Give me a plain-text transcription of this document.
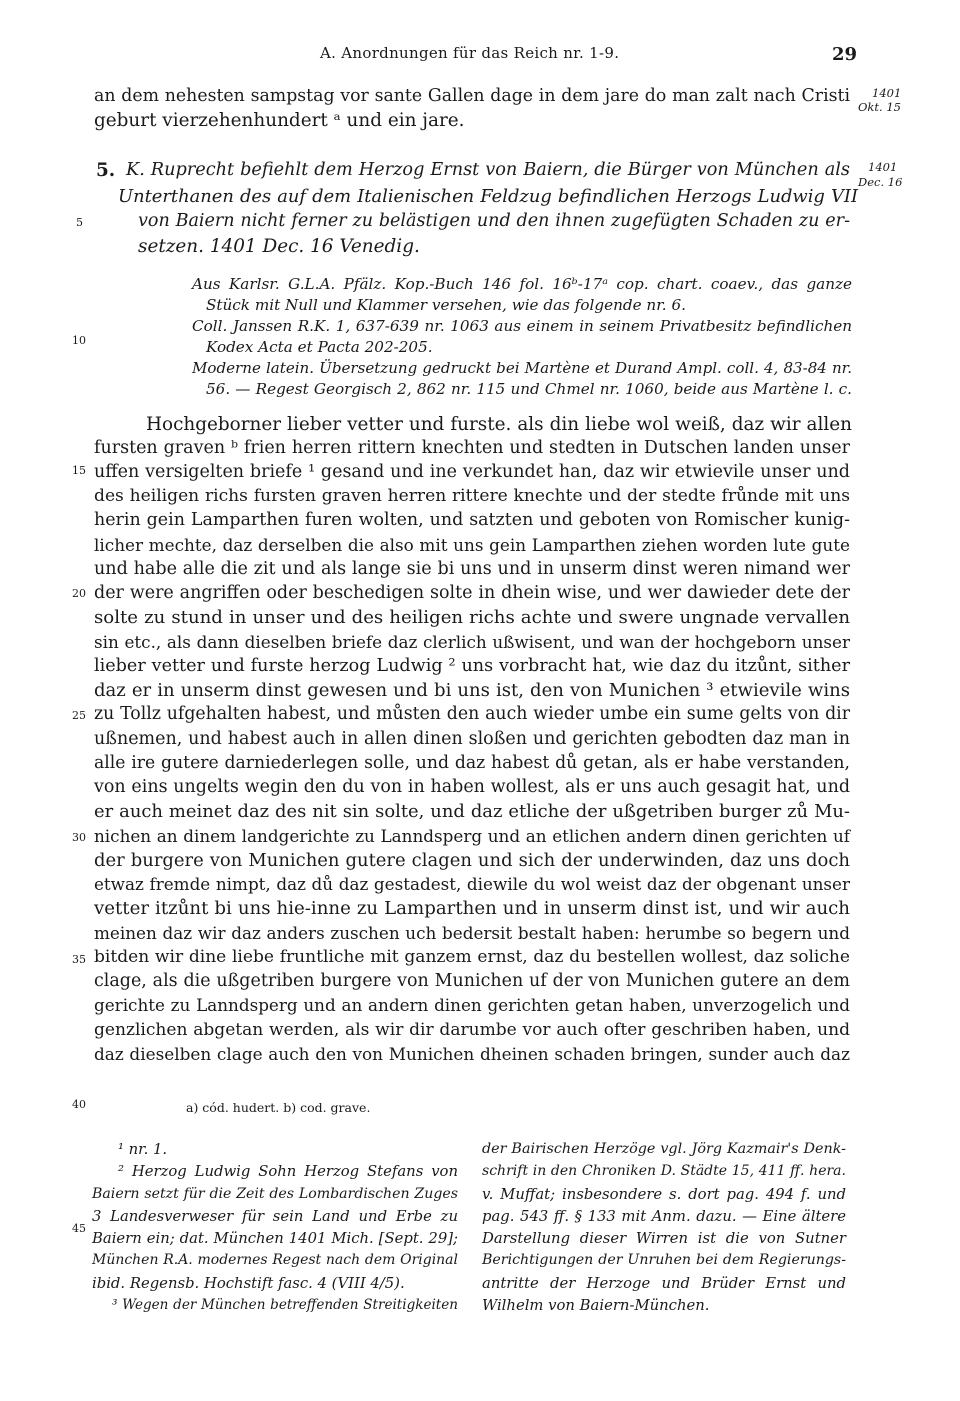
A. Anordnungen für das Reich nr. 1-9.	29
an dem nehesten sampstag vor sante Gallen dage in dem jare do man zalt nach Cristi
geburt vierzehenhundert ᵃ und ein jare.
1401
Okt. 15
1401
Dec. 16
5. K. Ruprecht befiehlt dem Herzog Ernst von Baiern, die Bürger von München als
Unterthanen des auf dem Italienischen Feldzug befindlichen Herzogs Ludwig VII
von Baiern nicht ferner zu belästigen und den ihnen zugefügten Schaden zu er-
setzen. 1401 Dec. 16 Venedig.
Aus Karlsr. G.L.A. Pfälz. Kop.-Buch 146 fol. 16ᵇ-17ᵃ cop. chart. coaev., das ganze
Stück mit Null und Klammer versehen, wie das folgende nr. 6.
Coll. Janssen R.K. 1, 637-639 nr. 1063 aus einem in seinem Privatbesitz befindlichen
Kodex Acta et Pacta 202-205.
Moderne latein. Übersetzung gedruckt bei Martène et Durand Ampl. coll. 4, 83-84 nr.
56. — Regest Georgisch 2, 862 nr. 115 und Chmel nr. 1060, beide aus Martène l. c.
5
10
15
20
25
30
35
40
45
Hochgeborner lieber vetter und furste. als din liebe wol weiß, daz wir allen
fursten graven ᵇ frien herren rittern knechten und stedten in Dutschen landen unser
uffen versigelten briefe ¹ gesand und ine verkundet han, daz wir etwievile unser und
des heiligen richs fursten graven herren rittere knechte und der stedte frůnde mit uns
herin gein Lamparthen furen wolten, und satzten und geboten von Romischer kunig-
licher mechte, daz derselben die also mit uns gein Lamparthen ziehen worden lute gute
und habe alle die zit und als lange sie bi uns und in unserm dinst weren nimand wer
der were angriffen oder beschedigen solte in dhein wise, und wer dawieder dete der
solte zu stund in unser und des heiligen richs achte und swere ungnade vervallen
sin etc., als dann dieselben briefe daz clerlich ußwisent, und wan der hochgeborn unser
lieber vetter und furste herzog Ludwig ² uns vorbracht hat, wie daz du itzůnt, sither
daz er in unserm dinst gewesen und bi uns ist, den von Munichen ³ etwievile wins
zu Tollz ufgehalten habest, und můsten den auch wieder umbe ein sume gelts von dir
ußnemen, und habest auch in allen dinen sloßen und gerichten gebodten daz man in
alle ire gutere darniederlegen solle, und daz habest dů getan, als er habe verstanden,
von eins ungelts wegin den du von in haben wollest, als er uns auch gesagit hat, und
er auch meinet daz des nit sin solte, und daz etliche der ußgetriben burger zů Mu-
nichen an dinem landgerichte zu Lanndsperg und an etlichen andern dinen gerichten uf
der burgere von Munichen gutere clagen und sich der underwinden, daz uns doch
etwaz fremde nimpt, daz dů daz gestadest, diewile du wol weist daz der obgenant unser
vetter itzůnt bi uns hie-inne zu Lamparthen und in unserm dinst ist, und wir auch
meinen daz wir daz anders zuschen uch bedersit bestalt haben: herumbe so begern und
bitden wir dine liebe fruntliche mit ganzem ernst, daz du bestellen wollest, daz soliche
clage, als die ußgetriben burgere von Munichen uf der von Munichen gutere an dem
gerichte zu Lanndsperg und an andern dinen gerichten getan haben, unverzogelich und
genzlichen abgetan werden, als wir dir darumbe vor auch ofter geschriben haben, und
daz dieselben clage auch den von Munichen dheinen schaden bringen, sunder auch daz
a) cód. hudert. b) cod. grave.
¹ nr. 1.
² Herzog Ludwig Sohn Herzog Stefans von
Baiern setzt für die Zeit des Lombardischen Zuges
3 Landesverweser für sein Land und Erbe zu
Baiern ein; dat. München 1401 Mich. [Sept. 29];
München R.A. modernes Regest nach dem Original
ibid. Regensb. Hochstift fasc. 4 (VIII 4/5).
³ Wegen der München betreffenden Streitigkeiten
der Bairischen Herzöge vgl. Jörg Kazmair's Denk-
schrift in den Chroniken D. Städte 15, 411 ff. hera.
v. Muffat; insbesondere s. dort pag. 494 f. und
pag. 543 ff. § 133 mit Anm. dazu. — Eine ältere
Darstellung dieser Wirren ist die von Sutner
Berichtigungen der Unruhen bei dem Regierungs-
antritte der Herzoge und Brüder Ernst und
Wilhelm von Baiern-München.
